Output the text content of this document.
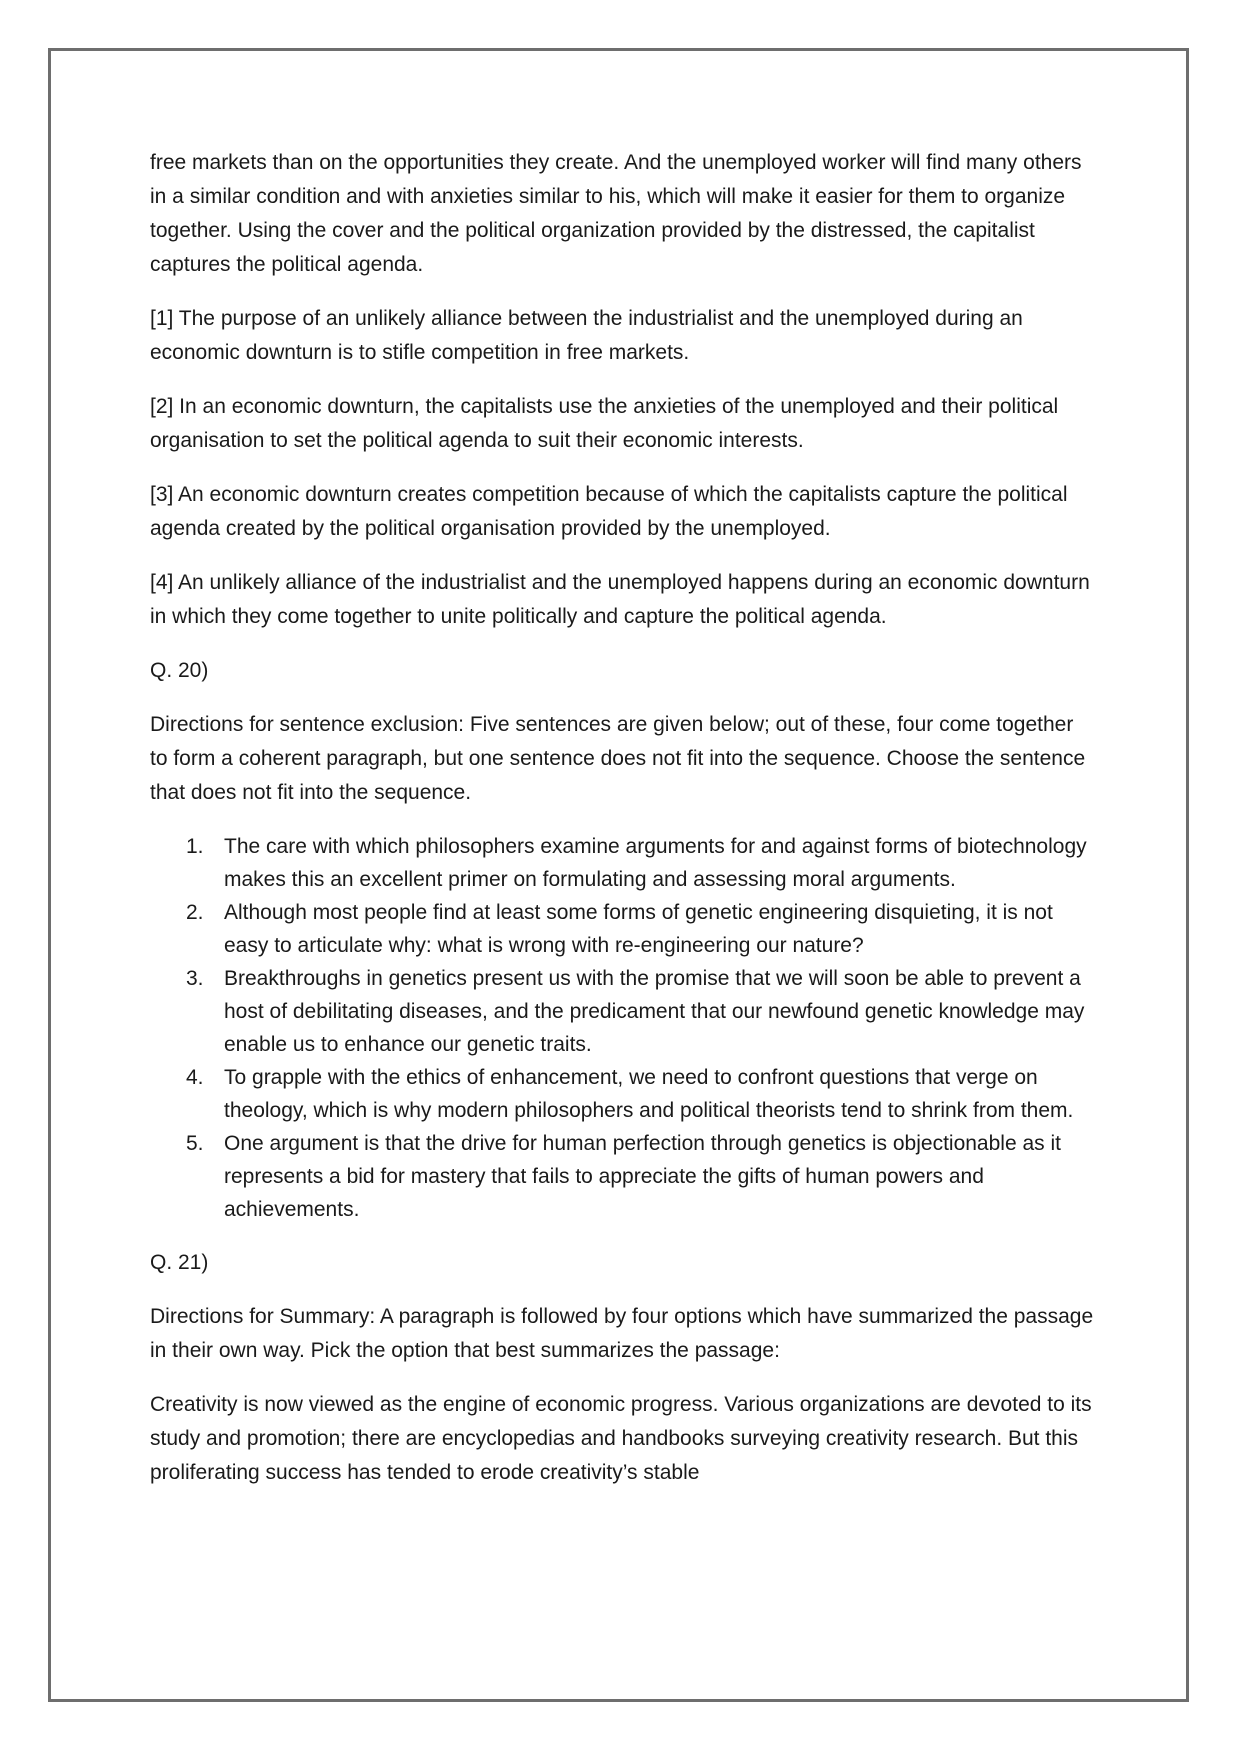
free markets than on the opportunities they create. And the unemployed worker will find many others in a similar condition and with anxieties similar to his, which will make it easier for them to organize together. Using the cover and the political organization provided by the distressed, the capitalist captures the political agenda.

[1] The purpose of an unlikely alliance between the industrialist and the unemployed during an economic downturn is to stifle competition in free markets.

[2] In an economic downturn, the capitalists use the anxieties of the unemployed and their political organisation to set the political agenda to suit their economic interests.

[3] An economic downturn creates competition because of which the capitalists capture the political agenda created by the political organisation provided by the unemployed.

[4] An unlikely alliance of the industrialist and the unemployed happens during an economic downturn in which they come together to unite politically and capture the political agenda.

Q. 20)

Directions for sentence exclusion: Five sentences are given below; out of these, four come together to form a coherent paragraph, but one sentence does not fit into the sequence. Choose the sentence that does not fit into the sequence.

1. The care with which philosophers examine arguments for and against forms of biotechnology makes this an excellent primer on formulating and assessing moral arguments.
2. Although most people find at least some forms of genetic engineering disquieting, it is not easy to articulate why: what is wrong with re-engineering our nature?
3. Breakthroughs in genetics present us with the promise that we will soon be able to prevent a host of debilitating diseases, and the predicament that our newfound genetic knowledge may enable us to enhance our genetic traits.
4. To grapple with the ethics of enhancement, we need to confront questions that verge on theology, which is why modern philosophers and political theorists tend to shrink from them.
5. One argument is that the drive for human perfection through genetics is objectionable as it represents a bid for mastery that fails to appreciate the gifts of human powers and achievements.

Q. 21)

Directions for Summary: A paragraph is followed by four options which have summarized the passage in their own way. Pick the option that best summarizes the passage:

Creativity is now viewed as the engine of economic progress. Various organizations are devoted to its study and promotion; there are encyclopedias and handbooks surveying creativity research. But this proliferating success has tended to erode creativity’s stable
